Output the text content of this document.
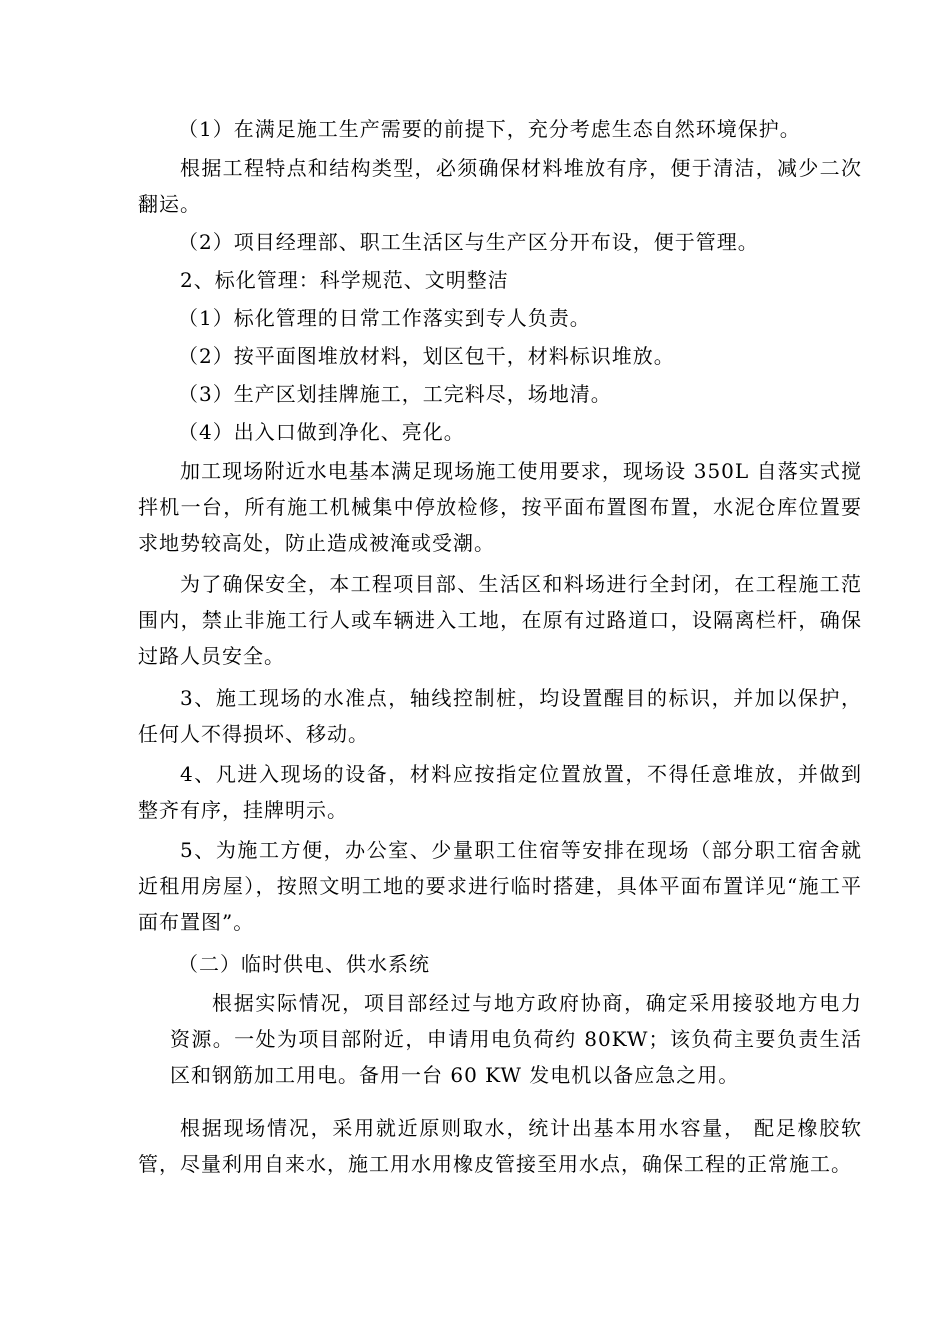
（1）在满足施工生产需要的前提下，充分考虑生态自然环境保护。

根据工程特点和结构类型，必须确保材料堆放有序，便于清洁，减少二次翻运。

（2）项目经理部、职工生活区与生产区分开布设，便于管理。

2、标化管理：科学规范、文明整洁

（1）标化管理的日常工作落实到专人负责。

（2）按平面图堆放材料，划区包干，材料标识堆放。

（3）生产区划挂牌施工，工完料尽，场地清。

（4）出入口做到净化、亮化。

加工现场附近水电基本满足现场施工使用要求，现场设 350L 自落实式搅拌机一台，所有施工机械集中停放检修，按平面布置图布置，水泥仓库位置要求地势较高处，防止造成被淹或受潮。

为了确保安全，本工程项目部、生活区和料场进行全封闭，在工程施工范围内，禁止非施工行人或车辆进入工地，在原有过路道口，设隔离栏杆，确保过路人员安全。

3、施工现场的水准点，轴线控制桩，均设置醒目的标识，并加以保护，任何人不得损坏、移动。

4、凡进入现场的设备，材料应按指定位置放置，不得任意堆放，并做到整齐有序，挂牌明示。

5、为施工方便，办公室、少量职工住宿等安排在现场（部分职工宿舍就近租用房屋），按照文明工地的要求进行临时搭建，具体平面布置详见“施工平面布置图”。

（二）临时供电、供水系统

根据实际情况，项目部经过与地方政府协商，确定采用接驳地方电力资源。一处为项目部附近，申请用电负荷约 80KW；该负荷主要负责生活区和钢筋加工用电。备用一台 60 KW 发电机以备应急之用。

根据现场情况，采用就近原则取水，统计出基本用水容量， 配足橡胶软管，尽量利用自来水，施工用水用橡皮管接至用水点，确保工程的正常施工。
